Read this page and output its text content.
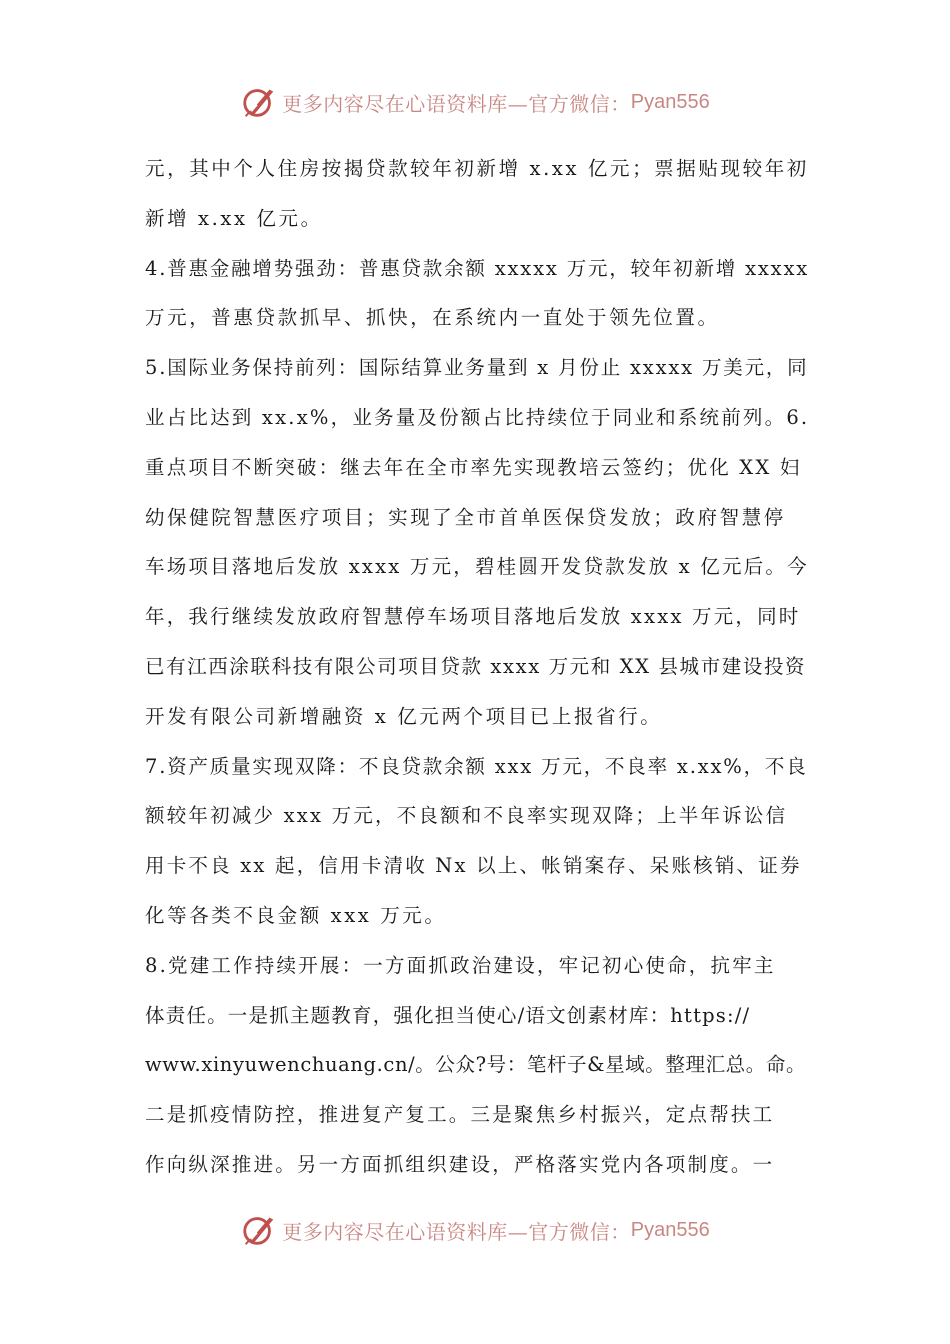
更多内容尽在心语资料库—官方微信： Pyan556
元，其中个人住房按揭贷款较年初新增 x.xx 亿元；票据贴现较年初
新增 x.xx 亿元。
4.普惠金融增势强劲：普惠贷款余额 xxxxx 万元，较年初新增 xxxxx
万元，普惠贷款抓早、抓快，在系统内一直处于领先位置。
5.国际业务保持前列：国际结算业务量到 x 月份止 xxxxx 万美元，同
业占比达到 xx.x%，业务量及份额占比持续位于同业和系统前列。6.
重点项目不断突破：继去年在全市率先实现教培云签约；优化 XX 妇
幼保健院智慧医疗项目；实现了全市首单医保贷发放；政府智慧停
车场项目落地后发放 xxxx 万元，碧桂圆开发贷款发放 x 亿元后。今
年，我行继续发放政府智慧停车场项目落地后发放 xxxx 万元，同时
已有江西涂联科技有限公司项目贷款 xxxx 万元和 XX 县城市建设投资
开发有限公司新增融资 x 亿元两个项目已上报省行。
7.资产质量实现双降：不良贷款余额 xxx 万元，不良率 x.xx%，不良
额较年初减少 xxx 万元，不良额和不良率实现双降；上半年诉讼信
用卡不良 xx 起，信用卡清收 Nx 以上、帐销案存、呆账核销、证券
化等各类不良金额 xxx 万元。
8.党建工作持续开展：一方面抓政治建设，牢记初心使命，抗牢主
体责任。一是抓主题教育，强化担当使心/语文创素材库：https://
www.xinyuwenchuang.cn/。公众?号：笔杆子&星域。整理汇总。命。
二是抓疫情防控，推进复产复工。三是聚焦乡村振兴，定点帮扶工
作向纵深推进。另一方面抓组织建设，严格落实党内各项制度。一
更多内容尽在心语资料库—官方微信： Pyan556
